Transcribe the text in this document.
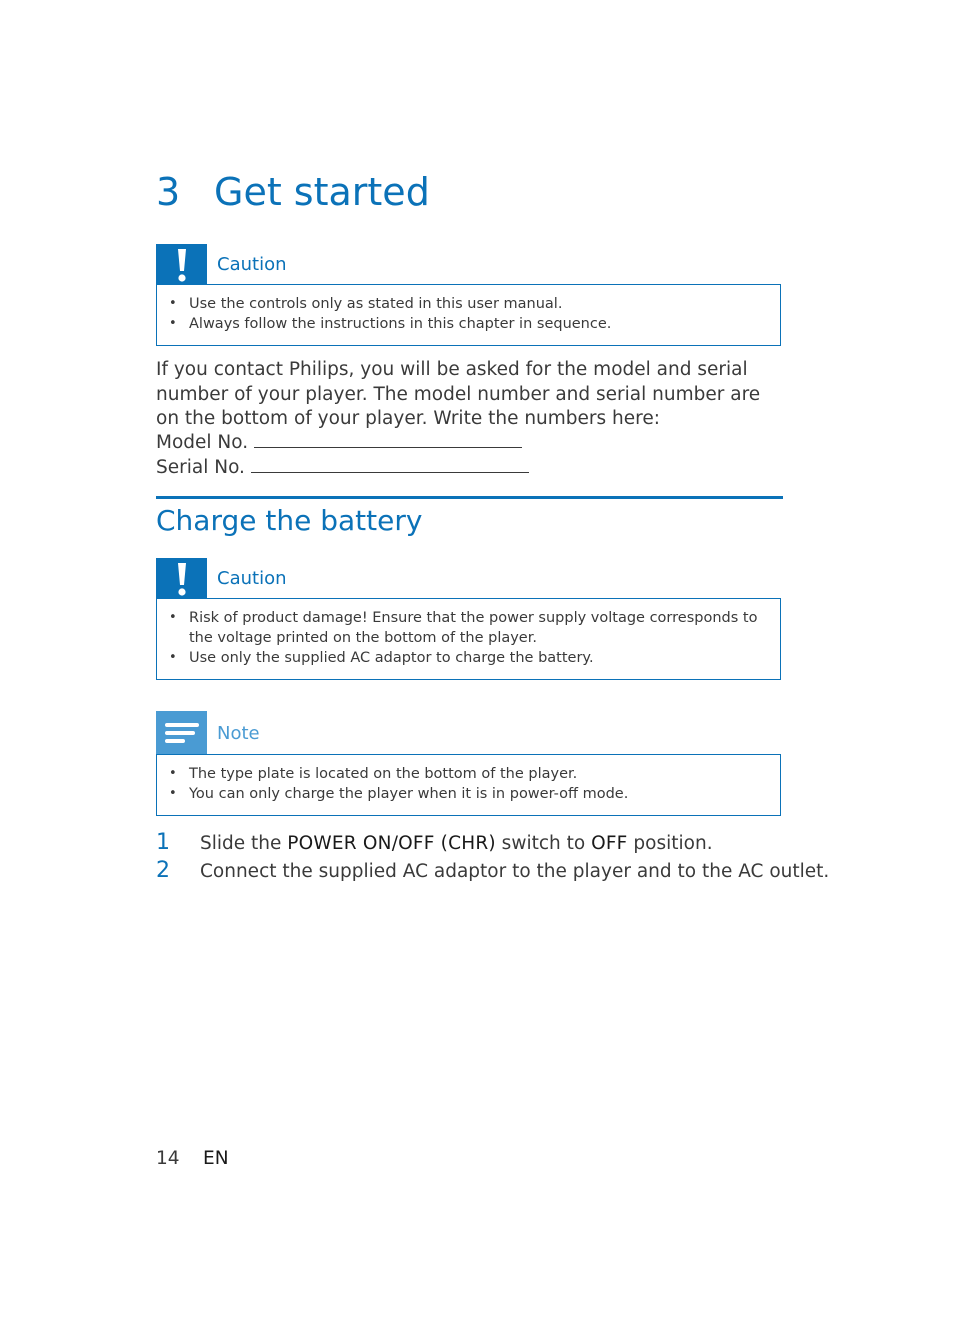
3 Get started
Caution
• Use the controls only as stated in this user manual.
• Always follow the instructions in this chapter in sequence.

If you contact Philips, you will be asked for the model and serial number of your player. The model number and serial number are on the bottom of your player. Write the numbers here:

Model No.
Serial No.
Charge the battery
Caution
• Risk of product damage! Ensure that the power supply voltage corresponds to the voltage printed on the bottom of the player.
• Use only the supplied AC adaptor to charge the battery.
Note
• The type plate is located on the bottom of the player.
• You can only charge the player when it is in power-off mode.
1 Slide the POWER ON/OFF (CHR) switch to OFF position.
2 Connect the supplied AC adaptor to the player and to the AC outlet.
14 EN
